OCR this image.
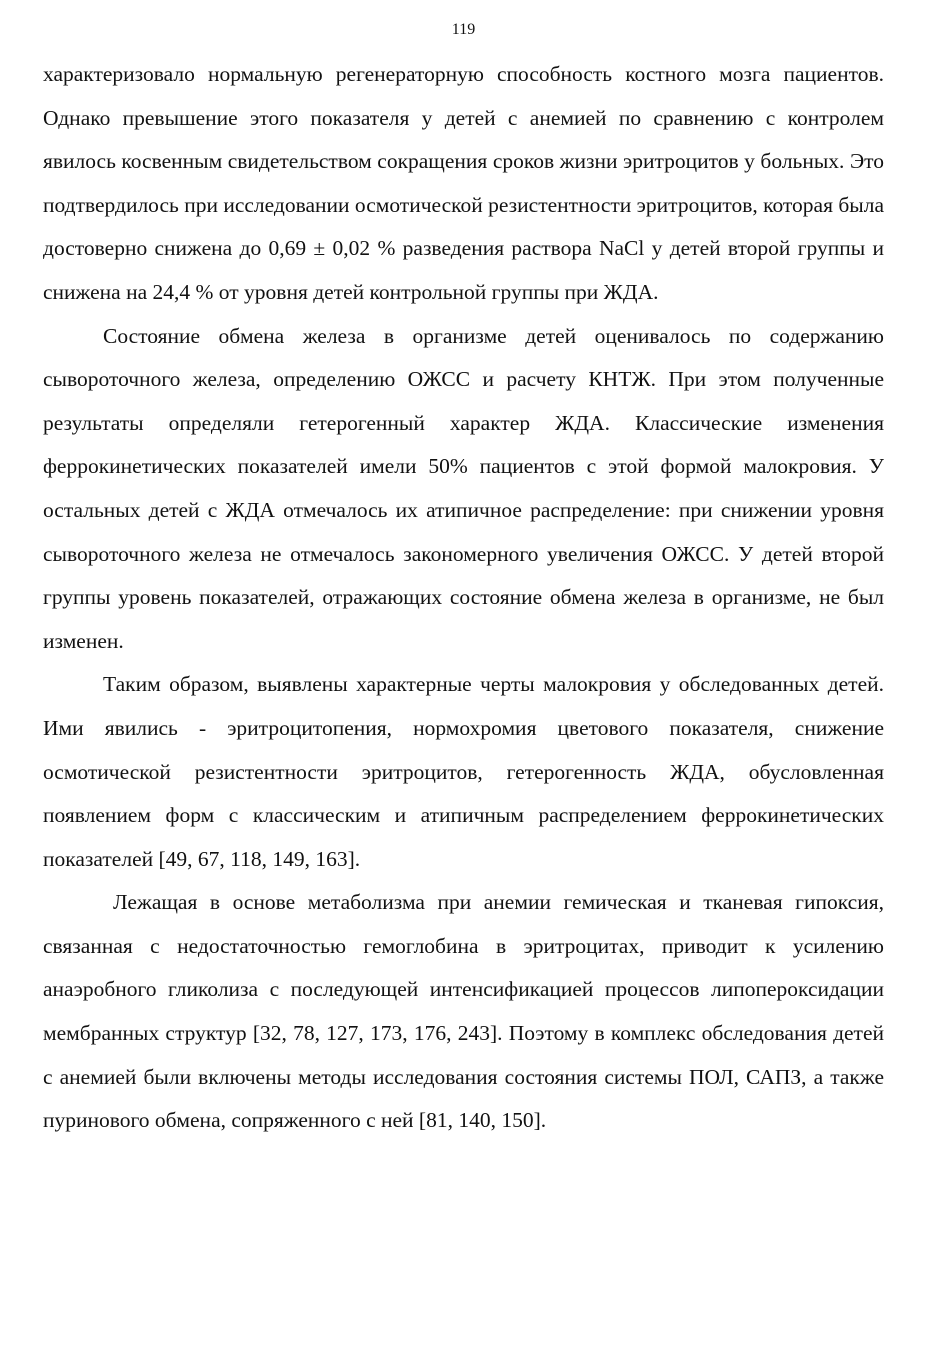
119

характеризовало нормальную регенераторную способность костного мозга пациентов. Однако превышение этого показателя у детей с анемией по сравнению с контролем явилось косвенным свидетельством сокращения сроков жизни эритроцитов у больных. Это подтвердилось при исследовании осмотической резистентности эритроцитов, которая была достоверно снижена до 0,69 ± 0,02 % разведения раствора NaCl у детей второй группы и снижена на 24,4 % от уровня детей контрольной группы при ЖДА.

Состояние обмена железа в организме детей оценивалось по содержанию сывороточного железа, определению ОЖСС и расчету КНТЖ. При этом полученные результаты определяли гетерогенный характер ЖДА. Классические изменения феррокинетических показателей имели 50% пациентов с этой формой малокровия. У остальных детей с ЖДА отмечалось их атипичное распределение: при снижении уровня сывороточного железа не отмечалось закономерного увеличения ОЖСС. У детей второй группы уровень показателей, отражающих состояние обмена железа в организме, не был изменен.

Таким образом, выявлены характерные черты малокровия у обследованных детей. Ими явились - эритроцитопения, нормохромия цветового показателя, снижение осмотической резистентности эритроцитов, гетерогенность ЖДА, обусловленная появлением форм с классическим и атипичным распределением феррокинетических показателей [49, 67, 118, 149, 163].

Лежащая в основе метаболизма при анемии гемическая и тканевая гипоксия, связанная с недостаточностью гемоглобина в эритроцитах, приводит к усилению анаэробного гликолиза с последующей интенсификацией процессов липопероксидации мембранных структур [32, 78, 127, 173, 176, 243]. Поэтому в комплекс обследования детей с анемией были включены методы исследования состояния системы ПОЛ, САПЗ, а также пуринового обмена, сопряженного с ней [81, 140, 150].
